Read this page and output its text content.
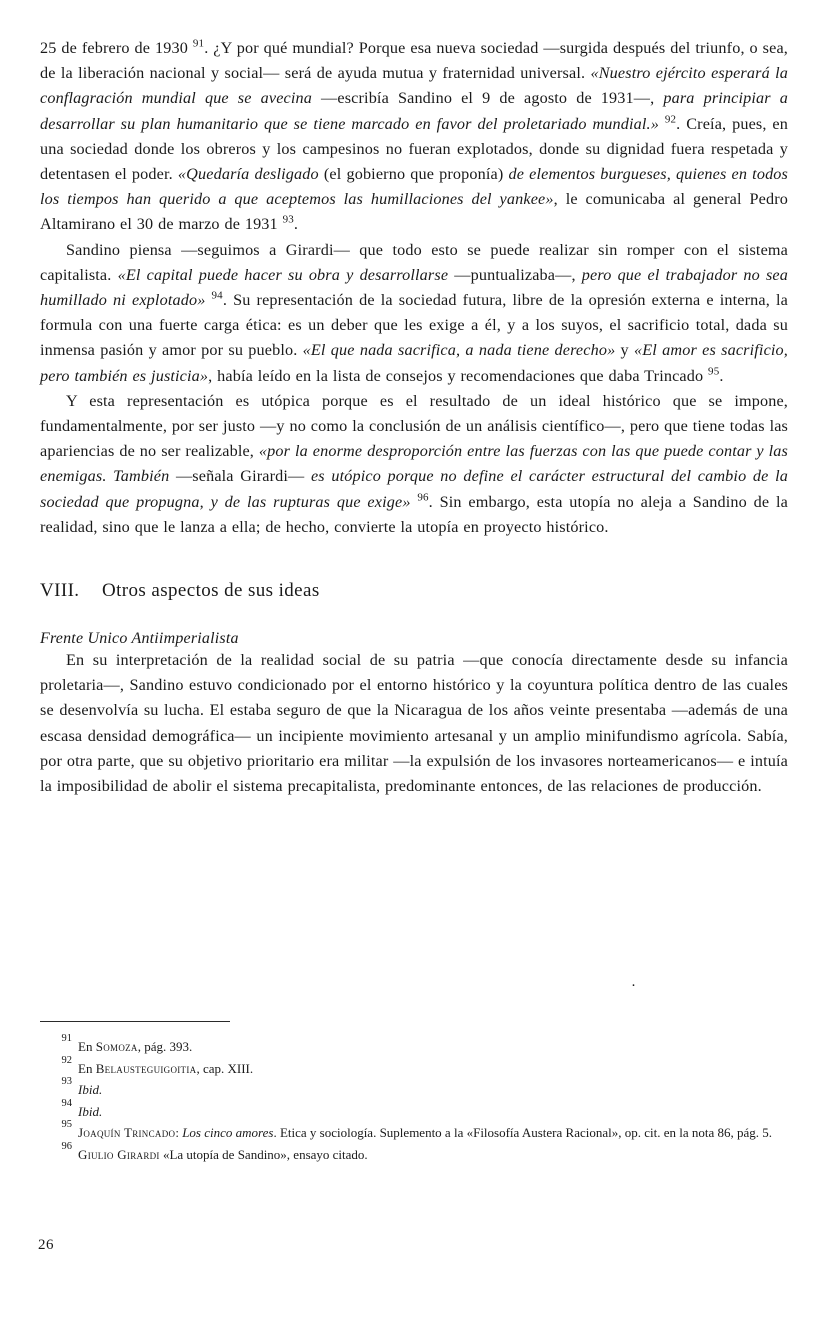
25 de febrero de 1930 $^{91}$. ¿Y por qué mundial? Porque esa nueva sociedad —surgida después del triunfo, o sea, de la liberación nacional y social— será de ayuda mutua y fraternidad universal. «Nuestro ejército esperará la conflagración mundial que se avecina —escribía Sandino el 9 de agosto de 1931—, para principiar a desarrollar su plan humanitario que se tiene marcado en favor del proletariado mundial.» $^{92}$. Creía, pues, en una sociedad donde los obreros y los campesinos no fueran explotados, donde su dignidad fuera respetada y detentasen el poder. «Quedaría desligado (el gobierno que proponía) de elementos burgueses, quienes en todos los tiempos han querido a que aceptemos las humillaciones del yankee», le comunicaba al general Pedro Altamirano el 30 de marzo de 1931 $^{93}$.

Sandino piensa —seguimos a Girardi— que todo esto se puede realizar sin romper con el sistema capitalista. «El capital puede hacer su obra y desarrollarse —puntualizaba—, pero que el trabajador no sea humillado ni explotado» $^{94}$. Su representación de la sociedad futura, libre de la opresión externa e interna, la formula con una fuerte carga ética: es un deber que les exige a él, y a los suyos, el sacrificio total, dada su inmensa pasión y amor por su pueblo. «El que nada sacrifica, a nada tiene derecho» y «El amor es sacrificio, pero también es justicia», había leído en la lista de consejos y recomendaciones que daba Trincado $^{95}$.

Y esta representación es utópica porque es el resultado de un ideal histórico que se impone, fundamentalmente, por ser justo —y no como la conclusión de un análisis científico—, pero que tiene todas las apariencias de no ser realizable, «por la enorme desproporción entre las fuerzas con las que puede contar y las enemigas. También —señala Girardi— es utópico porque no define el carácter estructural del cambio de la sociedad que propugna, y de las rupturas que exige» $^{96}$. Sin embargo, esta utopía no aleja a Sandino de la realidad, sino que le lanza a ella; de hecho, convierte la utopía en proyecto histórico.

VIII. Otros aspectos de sus ideas
Frente Unico Antiimperialista

En su interpretación de la realidad social de su patria —que conocía directamente desde su infancia proletaria—, Sandino estuvo condicionado por el entorno histórico y la coyuntura política dentro de las cuales se desenvolvía su lucha. El estaba seguro de que la Nicaragua de los años veinte presentaba —además de una escasa densidad demográfica— un incipiente movimiento artesanal y un amplio minifundismo agrícola. Sabía, por otra parte, que su objetivo prioritario era militar —la expulsión de los invasores norteamericanos— e intuía la imposibilidad de abolir el sistema precapitalista, predominante entonces, de las relaciones de producción.

·

$^{91}$En Somoza, pág. 393.

$^{92}$En Belausteguigoitia, cap. XIII.

$^{93}$Ibid.

$^{94}$Ibid.

$^{95}$Joaquín Trincado: Los cinco amores. Etica y sociología. Suplemento a la «Filosofía Austera Racional», op. cit. en la nota 86, pág. 5.

$^{96}$Giulio Girardi «La utopía de Sandino», ensayo citado.

26
